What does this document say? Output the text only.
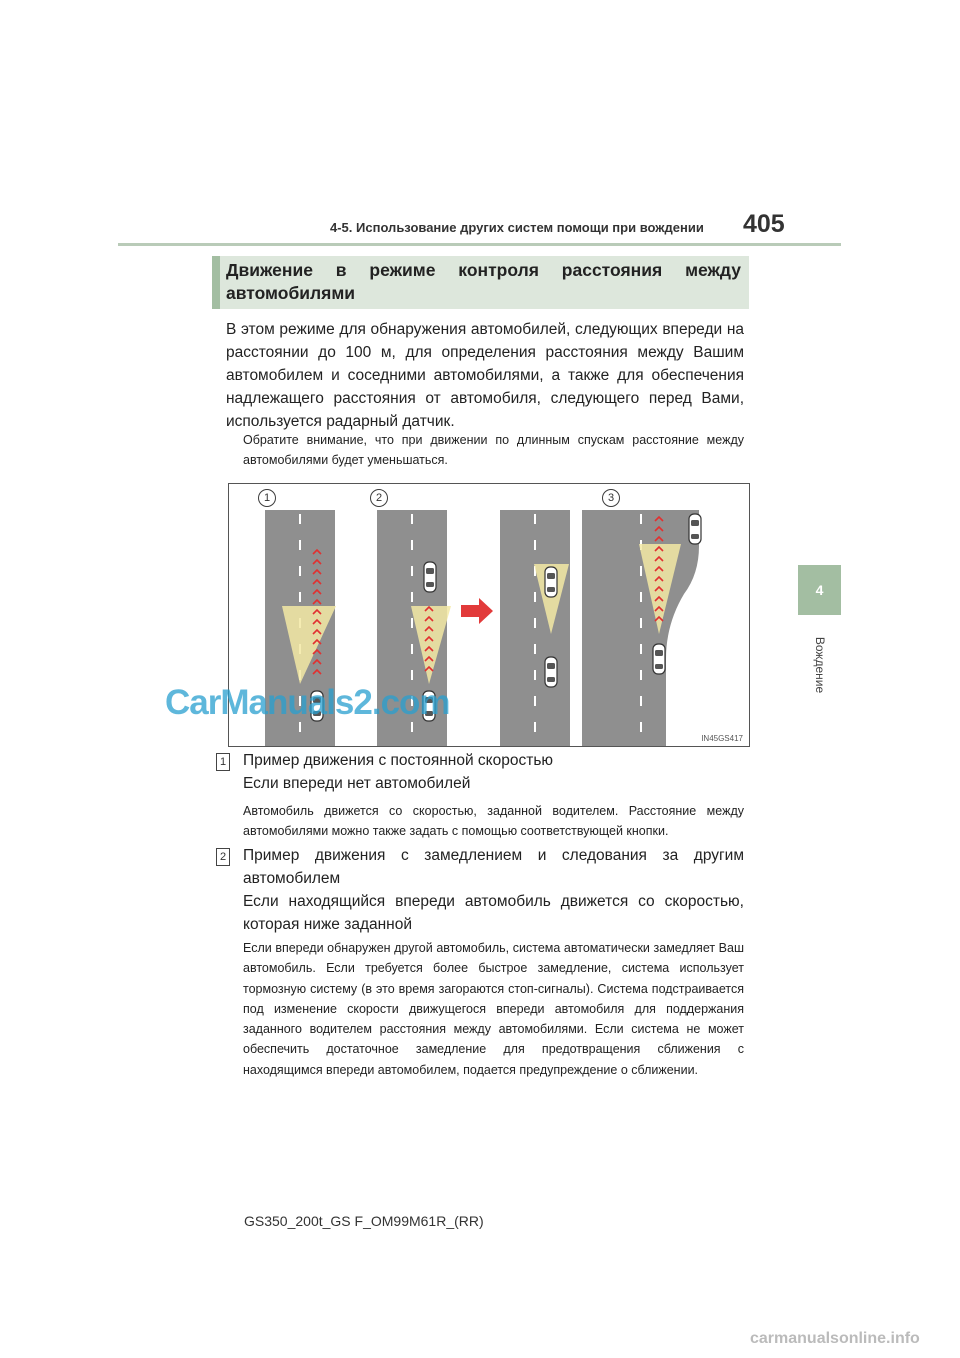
4-5. Использование других систем помощи при вождении 405
4
Вождение
Движение в режиме контроля расстояния между автомобилями
В этом режиме для обнаружения автомобилей, следующих впереди на расстоянии до 100 м, для определения расстояния между Вашим автомобилем и соседними автомобилями, а также для обеспечения надлежащего расстояния от автомобиля, следующего перед Вами, используется радарный датчик.
Обратите внимание, что при движении по длинным спускам расстояние между автомобилями будет уменьшаться.
1	2	3
IN45GS417
1 Пример движения с постоянной скоростью
Если впереди нет автомобилей
Автомобиль движется со скоростью, заданной водителем. Расстояние между автомобилями можно также задать с помощью соответствующей кнопки.
2 Пример движения с замедлением и следования за другим автомобилем
Если находящийся впереди автомобиль движется со скоростью, которая ниже заданной
Если впереди обнаружен другой автомобиль, система автоматически замедляет Ваш автомобиль. Если требуется более быстрое замедление, система использует тормозную систему (в это время загораются стоп-сигналы). Система подстраивается под изменение скорости движущегося впереди автомобиля для поддержания заданного водителем расстояния между автомобилями. Если система не может обеспечить достаточное замедление для предотвращения сближения с находящимся впереди автомобилем, подается предупреждение о сближении.
CarManuals2.com
GS350_200t_GS F_OM99M61R_(RR)
carmanualsonline.info
